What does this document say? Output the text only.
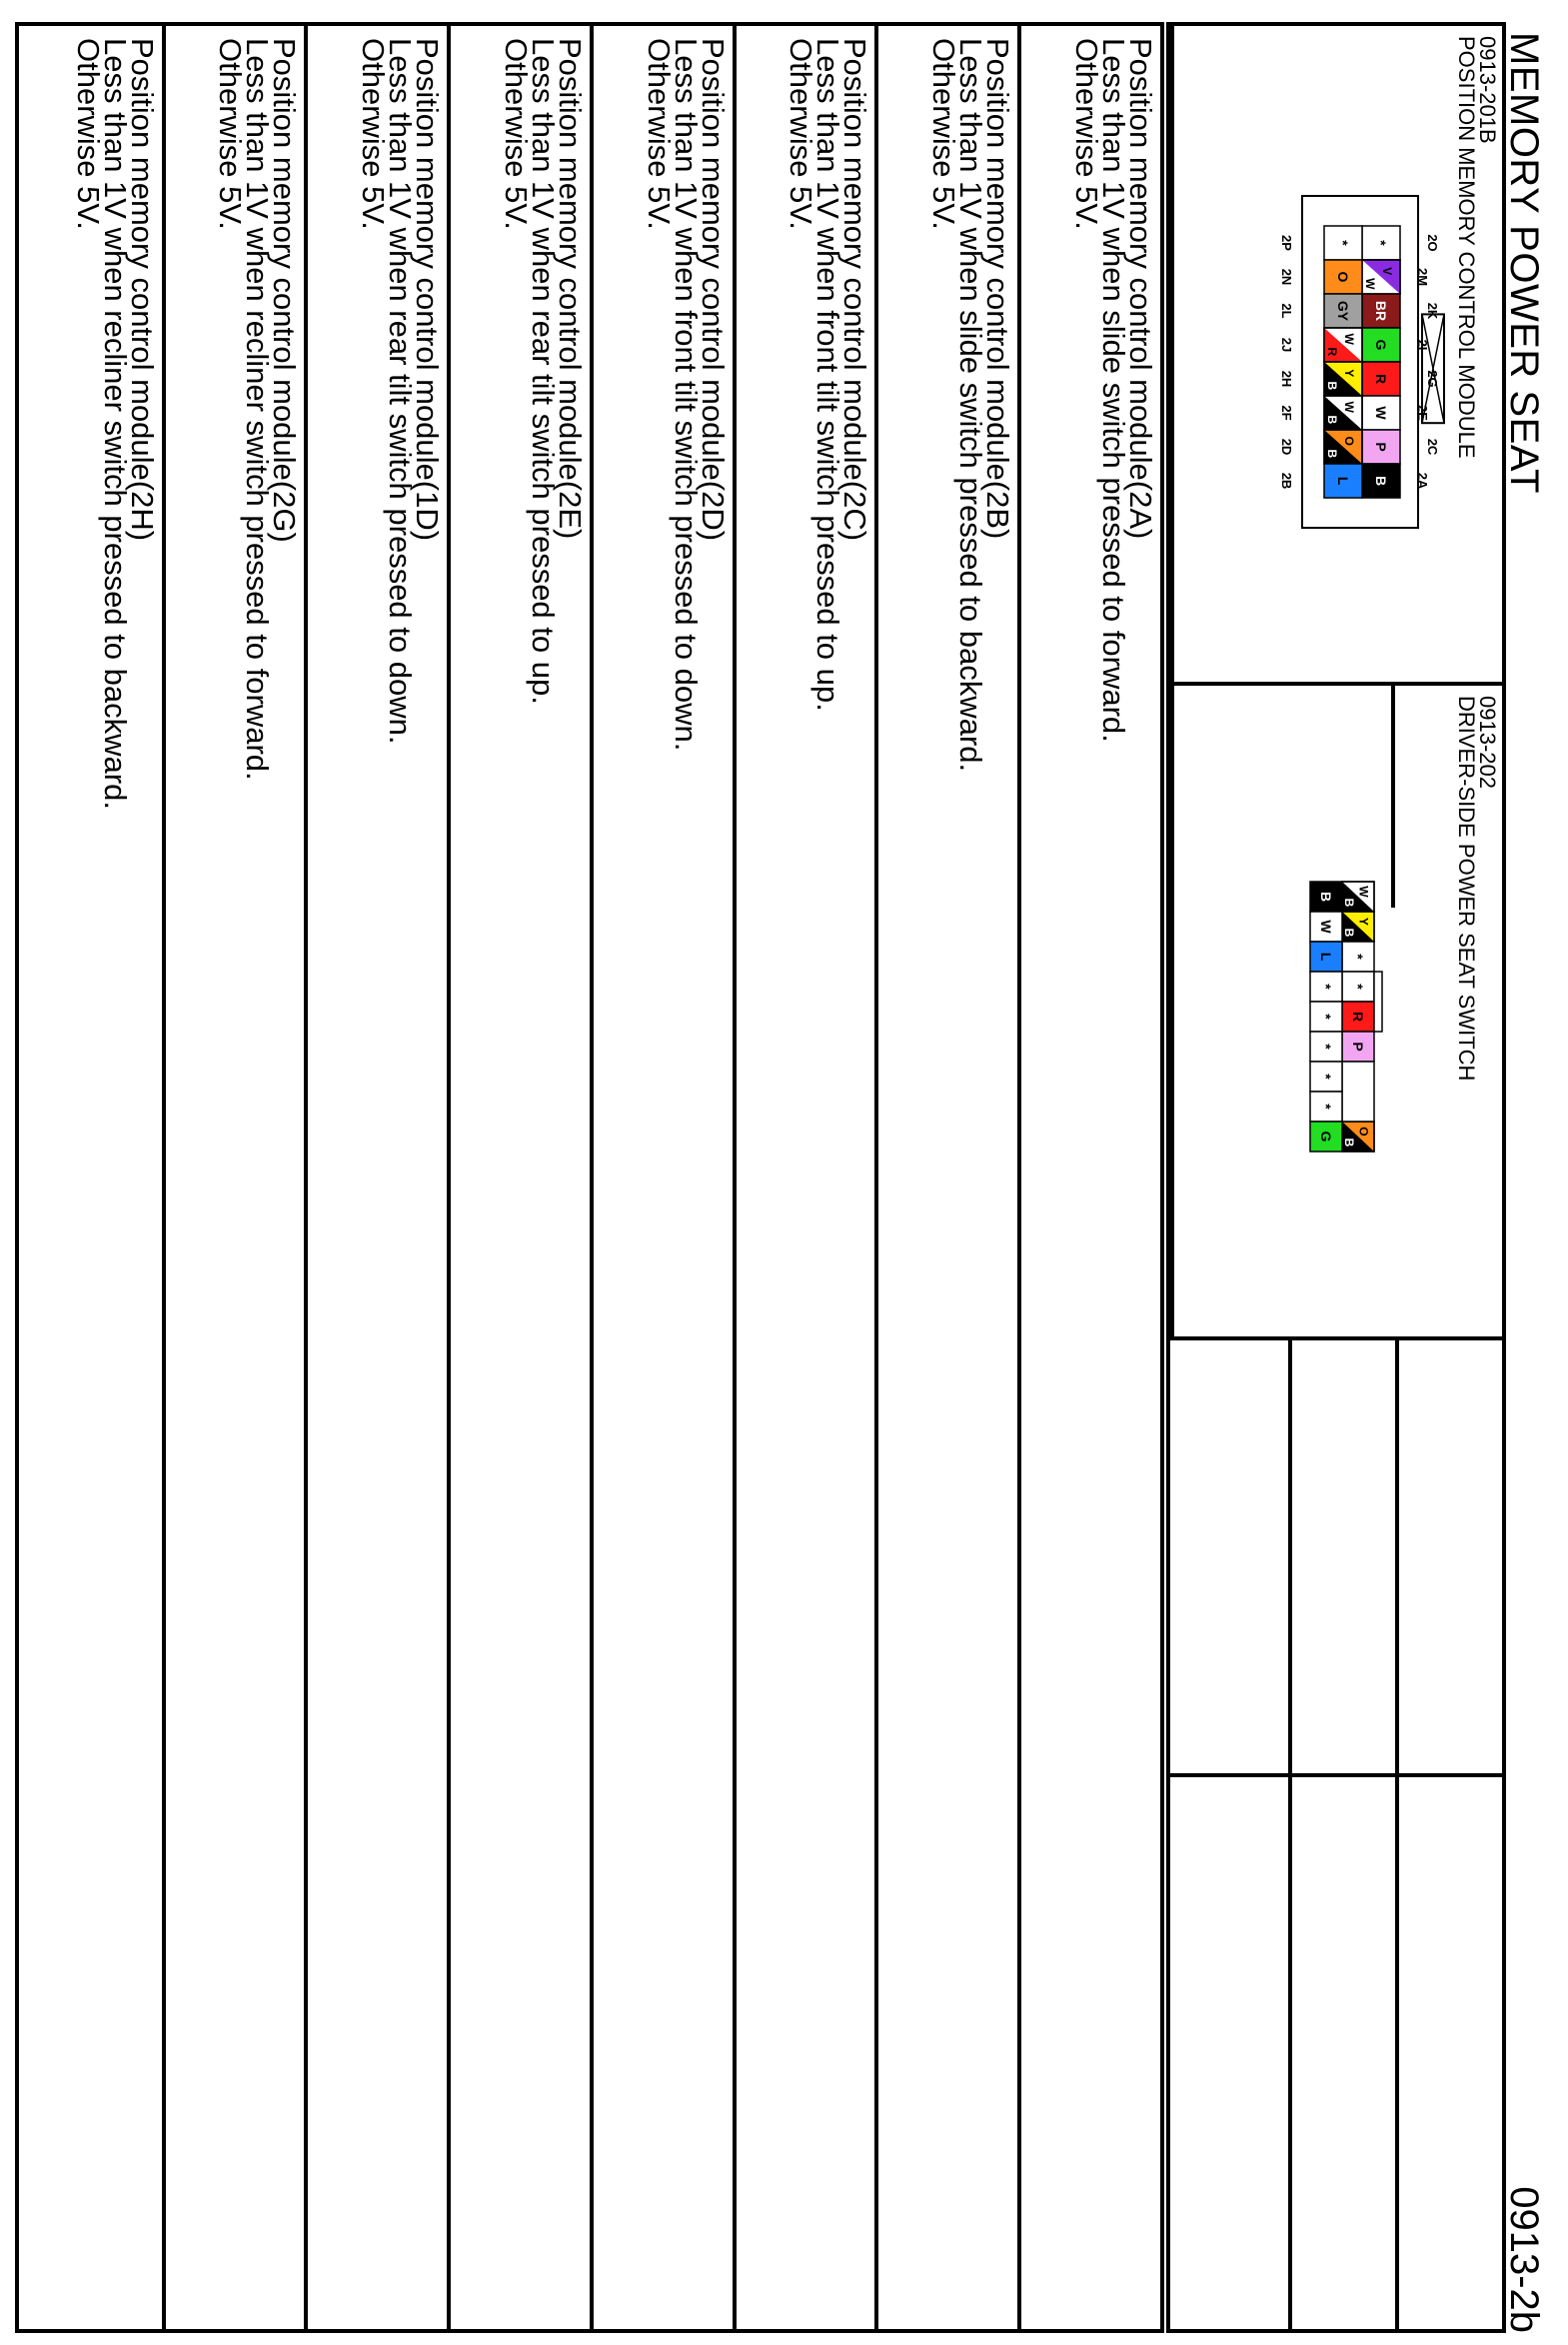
MEMORY POWER SEAT
0913-2b
0913-201B
POSITION MEMORY CONTROL MODULE
*
V
W
BR
G
R
W
P
B
*
O
GY
W
R
Y
B
W
B
O
B
L
2O
2M
2K
2I
2G
2E
2C
2A
2P
2N
2L
2J
2H
2F
2D
2B
0913-202
DRIVER-SIDE POWER SEAT SWITCH
W
B
Y
B
*
*
R
P
O
B
B
W
L
*
*
*
*
*
G
Position memory control module(2A)
Less than 1V when slide switch pressed to forward.
Otherwise 5V.
Position memory control module(2B)
Less than 1V when slide switch pressed to backward.
Otherwise 5V.
Position memory control module(2C)
Less than 1V when front tilt switch pressed to up.
Otherwise 5V.
Position memory control module(2D)
Less than 1V when front tilt switch pressed to down.
Otherwise 5V.
Position memory control module(2E)
Less than 1V when rear tilt switch pressed to up.
Otherwise 5V.
Position memory control module(1D)
Less than 1V when rear tilt switch pressed to down.
Otherwise 5V.
Position memory control module(2G)
Less than 1V when recliner switch pressed to forward.
Otherwise 5V.
Position memory control module(2H)
Less than 1V when recliner switch pressed to backward.
Otherwise 5V.
